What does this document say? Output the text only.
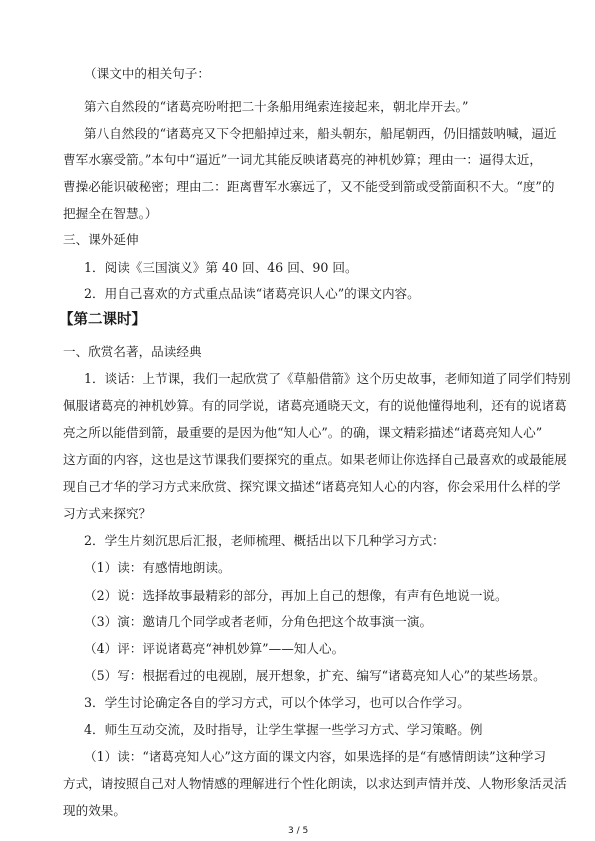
（课文中的相关句子：
第六自然段的“诸葛亮吩咐把二十条船用绳索连接起来，朝北岸开去。”
第八自然段的“诸葛亮又下令把船掉过来，船头朝东，船尾朝西，仍旧擂鼓呐喊，逼近
曹军水寨受箭。”本句中“逼近”一词尤其能反映诸葛亮的神机妙算；理由一：逼得太近，
曹操必能识破秘密；理由二：距离曹军水寨远了，又不能受到箭或受箭面积不大。“度”的
把握全在智慧。）
三、课外延伸
1．阅读《三国演义》第 40 回、46 回、90 回。
2．用自己喜欢的方式重点品读“诸葛亮识人心”的课文内容。
【第二课时】
一、欣赏名著，品读经典
1．谈话：上节课，我们一起欣赏了《草船借箭》这个历史故事，老师知道了同学们特别
佩服诸葛亮的神机妙算。有的同学说，诸葛亮通晓天文，有的说他懂得地利，还有的说诸葛
亮之所以能借到箭，最重要的是因为他“知人心”。的确，课文精彩描述“诸葛亮知人心”
这方面的内容，这也是这节课我们要探究的重点。如果老师让你选择自己最喜欢的或最能展
现自己才华的学习方式来欣赏、探究课文描述“诸葛亮知人心的内容，你会采用什么样的学
习方式来探究？
2．学生片刻沉思后汇报，老师梳理、概括出以下几种学习方式：
（1）读：有感情地朗读。
（2）说：选择故事最精彩的部分，再加上自己的想像，有声有色地说一说。
（3）演：邀请几个同学或者老师，分角色把这个故事演一演。
（4）评：评说诸葛亮“神机妙算”——知人心。
（5）写：根据看过的电视剧，展开想象，扩充、编写“诸葛亮知人心”的某些场景。
3．学生讨论确定各自的学习方式，可以个体学习，也可以合作学习。
4．师生互动交流，及时指导，让学生掌握一些学习方式、学习策略。例
（1）读：“诸葛亮知人心”这方面的课文内容，如果选择的是“有感情朗读”这种学习
方式，请按照自己对人物情感的理解进行个性化朗读，以求达到声情并茂、人物形象活灵活
现的效果。
3 / 5
